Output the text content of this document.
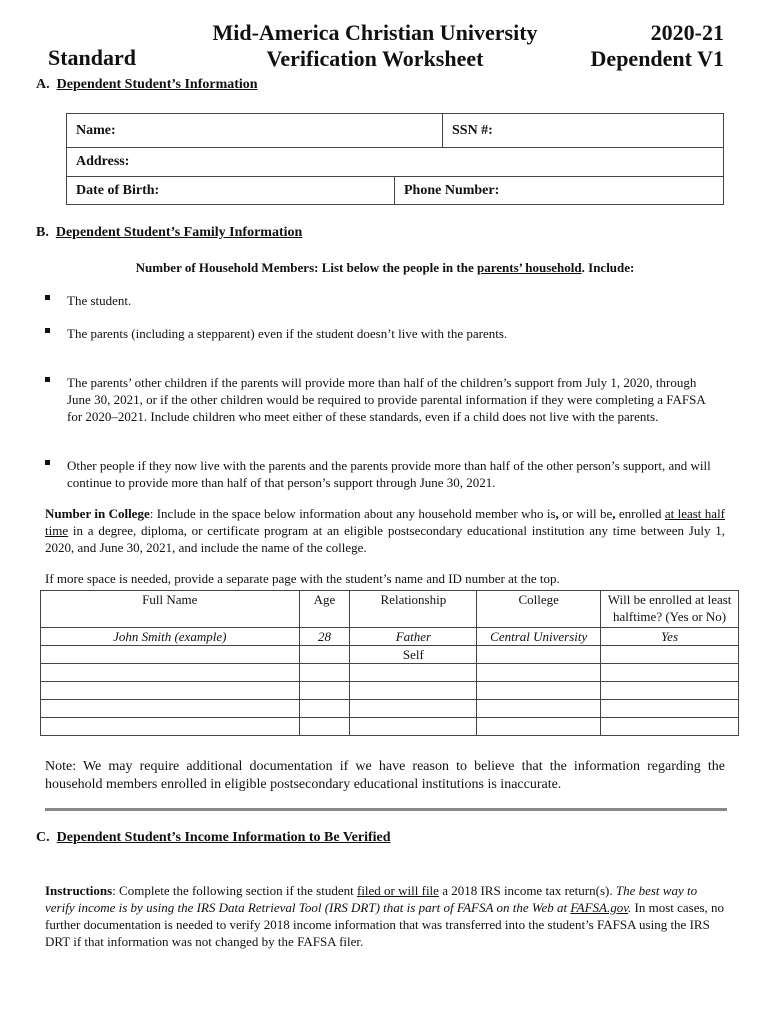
Standard
Mid-America Christian University
Verification Worksheet
2020-21
Dependent V1
A. Dependent Student’s Information
Name:	SSN #:
Address:
Date of Birth:	Phone Number:
B. Dependent Student’s Family Information
Number of Household Members: List below the people in the parents’ household. Include:
The student.
The parents (including a stepparent) even if the student doesn’t live with the parents.
The parents’ other children if the parents will provide more than half of the children’s support from July 1, 2020, through June 30, 2021, or if the other children would be required to provide parental information if they were completing a FAFSA for 2020–2021. Include children who meet either of these standards, even if a child does not live with the parents.
Other people if they now live with the parents and the parents provide more than half of the other person’s support, and will continue to provide more than half of that person’s support through June 30, 2021.
Number in College: Include in the space below information about any household member who is, or will be, enrolled at least half time in a degree, diploma, or certificate program at an eligible postsecondary educational institution any time between July 1, 2020, and June 30, 2021, and include the name of the college.
If more space is needed, provide a separate page with the student’s name and ID number at the top.
Full Name	Age	Relationship	College	Will be enrolled at least halftime? (Yes or No)
John Smith (example)	28	Father	Central University	Yes
		Self		

Note: We may require additional documentation if we have reason to believe that the information regarding the household members enrolled in eligible postsecondary educational institutions is inaccurate.
C. Dependent Student’s Income Information to Be Verified
Instructions: Complete the following section if the student filed or will file a 2018 IRS income tax return(s). The best way to verify income is by using the IRS Data Retrieval Tool (IRS DRT) that is part of FAFSA on the Web at FAFSA.gov. In most cases, no further documentation is needed to verify 2018 income information that was transferred into the student’s FAFSA using the IRS DRT if that information was not changed by the FAFSA filer.
